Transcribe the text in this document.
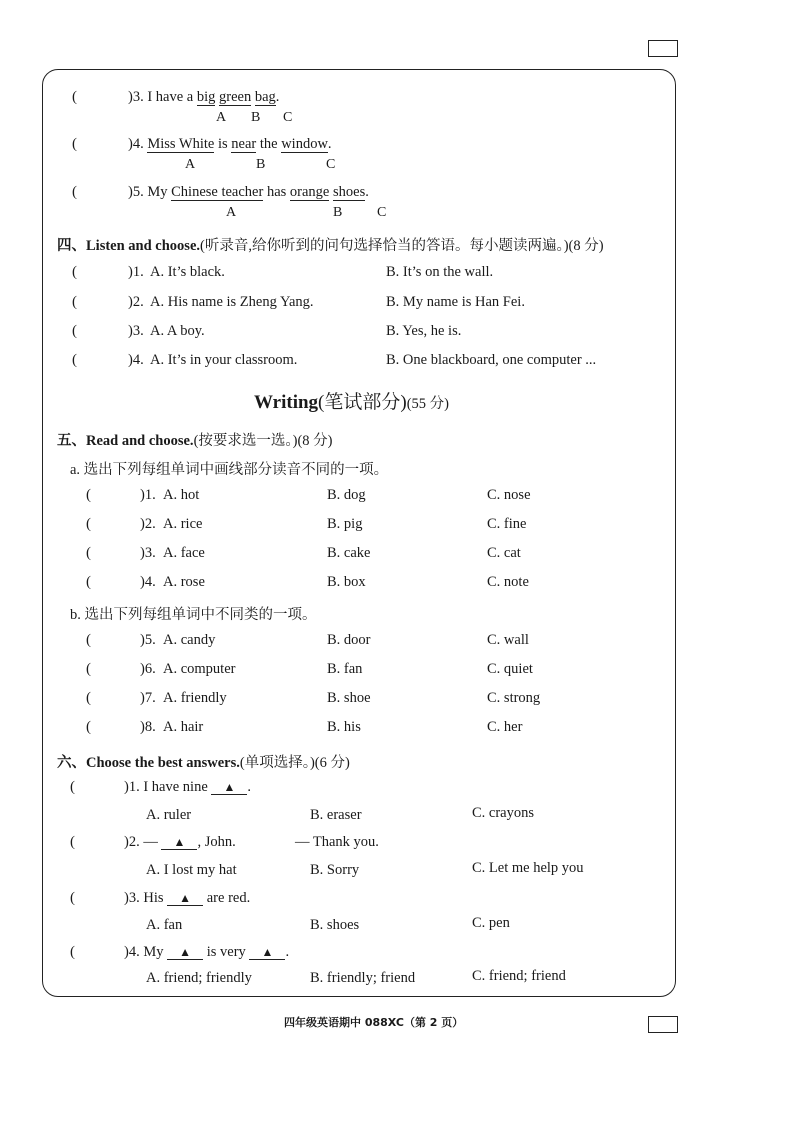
(	)3. I have a big green bag.
A B C
(	)4. Miss White is near the window.
A	B	C
(	)5. My Chinese teacher has orange shoes.
A	B C
四、Listen and choose.(听录音,给你听到的问句选择恰当的答语。每小题读两遍。)(8 分)
(	)1. A. It’s black.	B. It’s on the wall.
(	)2. A. His name is Zheng Yang.	B. My name is Han Fei.
(	)3. A. A boy.	B. Yes, he is.
(	)4. A. It’s in your classroom.	B. One blackboard, one computer ...
Writing(笔试部分)(55 分)
五、Read and choose.(按要求选一选。)(8 分)
a. 选出下列每组单词中画线部分读音不同的一项。
(	)1. A. hot	B. dog	C. nose
(	)2. A. rice	B. pig	C. fine
(	)3. A. face	B. cake	C. cat
(	)4. A. rose	B. box	C. note
b. 选出下列每组单词中不同类的一项。
(	)5. A. candy	B. door	C. wall
(	)6. A. computer	B. fan	C. quiet
(	)7. A. friendly	B. shoe	C. strong
(	)8. A. hair	B. his	C. her
六、Choose the best answers.(单项选择。)(6 分)
(	)1. I have nine ▲ .
A. ruler	B. eraser	C. crayons
(	)2. — ▲ , John.	— Thank you.
A. I lost my hat	B. Sorry	C. Let me help you
(	)3. His ▲ are red.
A. fan	B. shoes	C. pen
(	)4. My ▲ is very ▲ .
A. friend; friendly	B. friendly; friend	C. friend; friend
四年级英语期中 088XC（第 2 页）
